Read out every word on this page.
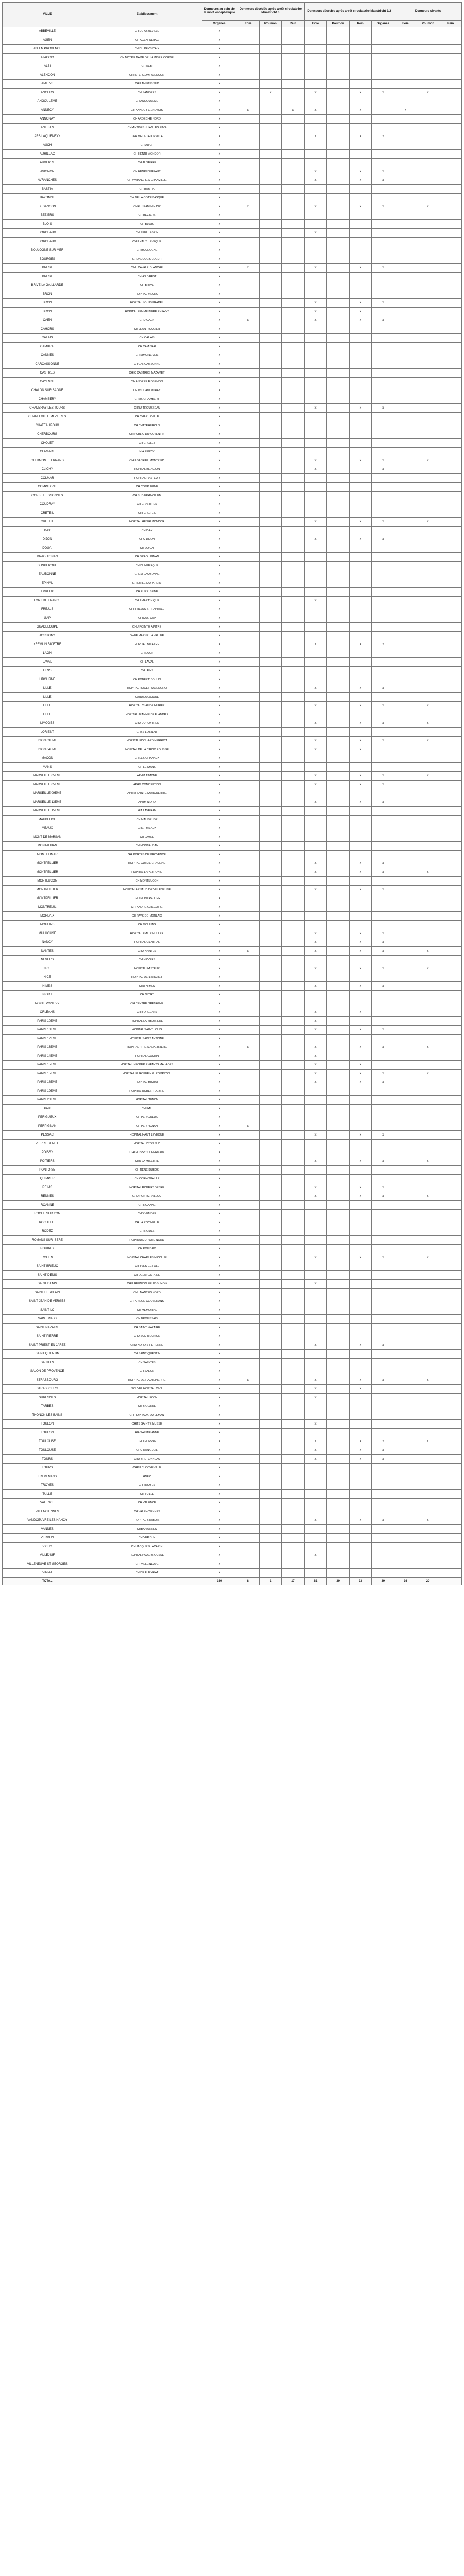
VILLE	Etablissement	Donneurs au sein de la mort encéphalique	Donneurs décédés après arrêt circulatoire Maastricht 3			Donneurs décédés après arrêt circulatoire Maastricht 1/2				Donneurs vivants		
		Organes	Foie	Poumon	Rein	Foie	Poumon	Rein	Organes	Foie	Poumon	Rein
ABBEVILLE	CH DE ABBEVILLE	x										
AGEN	CH AGEN-NERAC	x										
AIX EN PROVENCE	CH DU PAYS D'AIX	x										
AJACCIO	CH NOTRE DAME DE LA MISERICORDE	x										
ALBI	CH ALBI	x										
ALENCON	CH INTERCOM. ALENCON	x										
AMIENS	CHU AMIENS SUD	x										
ANGERS	CHU ANGERS	x		x		x		x	x		x	
ANGOULEME	CH ANGOULEME	x										
ANNECY	CH ANNECY GENEVOIS	x	x		x	x		x		x		
ANNONAY	CH ARDECHE NORD	x										
ANTIBES	CH ANTIBES JUAN LES PINS	x										
ARS LAQUENEXY	CHR METZ-THIONVILLE	x				x		x	x			
AUCH	CH AUCH	x										
AURILLAC	CH HENRI MONDOR	x										
AUXERRE	CH AUXERRE	x										
AVIGNON	CH HENRI DUFFAUT	x				x		x	x			
AVRANCHES	CH AVRANCHES GRANVILLE	x				x		x	x			
BASTIA	CH BASTIA	x										
BAYONNE	CH DE LA COTE BASQUE	x										
BESANCON	CHRU JEAN MINJOZ	x	x			x		x	x		x	
BEZIERS	CH BEZIERS	x										
BLOIS	CH BLOIS	x										
BORDEAUX	CHU PELLEGRIN	x				x						
BORDEAUX	CHU HAUT LEVEQUE	x										
BOULOGNE SUR MER	CH BOULOGNE	x										
BOURGES	CH JACQUES COEUR	x										
BREST	CHU CAVALE BLANCHE	x	x			x		x	x			
BREST	CHIAS BREST	x										
BRIVE LA GAILLARDE	CH BRIVE	x										
BRON	HOPITAL NEURO	x										
BRON	HOPITAL LOUIS PRADEL	x				x		x	x			
BRON	HOPITAL FEMME MERE ENFANT	x				x		x				
CAEN	CHU CAEN	x	x			x		x	x			
CAHORS	CH JEAN ROUGIER	x										
CALAIS	CH CALAIS	x										
CAMBRAI	CH CAMBRAI	x										
CANNES	CH SIMONE VEIL	x										
CARCASSONNE	CH CARCASSONNE	x										
CASTRES	CHIC CASTRES MAZAMET	x										
CAYENNE	CH ANDREE ROSEMON	x										
CHALON SUR SAONE	CH WILLIAM MOREY	x										
CHAMBERY	CHMS CHAMBERY	x										
CHAMBRAY LES TOURS	CHRU TROUSSEAU	x				x		x	x			
CHARLEVILLE MEZIERES	CH CHARLEVILLE	x										
CHATEAUROUX	CH CHATEAUROUX	x										
CHERBOURG	CH PUBLIC DU COTENTIN	x										
CHOLET	CH CHOLET	x										
CLAMART	HIA PERCY	x										
CLERMONT FERRAND	CHU GABRIEL MONTPIED	x				x		x	x		x	
CLICHY	HOPITAL BEAUJON	x				x			x			
COLMAR	HOPITAL PASTEUR	x										
COMPIEGNE	CH COMPIEGNE	x										
CORBEIL ESSONNES	CH SUD FRANCILIEN	x										
COUDRAY	CH CHARTRES	x										
CRETEIL	CHI CRETEIL	x										
CRETEIL	HOPITAL HENRI MONDOR	x				x		x	x		x	
DAX	CH DAX	x										
DIJON	CHU DIJON	x				x		x	x			
DOUAI	CH DOUAI	x										
DRAGUIGNAN	CH DRAGUIGNAN	x										
DUNKERQUE	CH DUNKERQUE	x										
EAUBONNE	GHEM EAUBONNE	x										
EPINAL	CH EMILE DURKHEIM	x										
EVREUX	CH EURE SEINE	x										
FORT DE FRANCE	CHU MARTINIQUE	x				x						
FREJUS	CHI FREJUS ST RAPHAEL	x										
GAP	CHICAS GAP	x										
GUADELOUPE	CHU POINTE A PITRE	x										
JOSSIGNY	GHEF MARNE LA VALLEE	x										
KREMLIN BICETRE	HOPITAL BICETRE	x				x		x	x			
LAON	CH LAON	x										
LAVAL	CH LAVAL	x										
LENS	CH LENS	x										
LIBOURNE	CH ROBERT BOULIN	x										
LILLE	HOPITAL ROGER SALENGRO	x				x		x	x			
LILLE	CARDIOLOGIQUE	x										
LILLE	HOPITAL CLAUDE HURIEZ	x				x		x	x		x	
LILLE	HOPITAL JEANNE DE FLANDRE	x										
LIMOGES	CHU DUPUYTREN	x				x		x	x		x	
LORIENT	GHBS LORIENT	x										
LYON 03EME	HOPITAL EDOUARD HERRIOT	x				x		x	x		x	
LYON 04EME	HOPITAL DE LA CROIX ROUSSE	x				x		x				
MACON	CH LES CHANAUX	x										
MANS	CH LE MANS	x										
MARSEILLE 05EME	APHM TIMONE	x				x		x	x		x	
MARSEILLE 05EME	APHM CONCEPTION	x				x		x	x			
MARSEILLE 09EME	APHM SAINTE MARGUERITE	x										
MARSEILLE 13EME	APHM NORD	x				x		x	x			
MARSEILLE 15EME	HIA LAVERAN	x										
MAUBEUGE	CH MAUBEUGE	x										
MEAUX	GHEF MEAUX	x										
MONT DE MARSAN	CH LAYNE	x										
MONTAUBAN	CH MONTAUBAN	x										
MONTELIMAR	GH PORTES DE PROVENCE	x										
MONTPELLIER	HOPITAL GUI DE CHAULIAC	x				x		x	x			
MONTPELLIER	HOPITAL LAPEYRONIE	x				x		x	x		x	
MONTLUCON	CH MONTLUCON	x										
MONTPELLIER	HOPITAL ARNAUD DE VILLENEUVE	x				x		x	x			
MONTPELLIER	CHU MONTPELLIER	x										
MONTREUIL	CHI ANDRE GREGOIRE	x										
MORLAIX	CH PAYS DE MORLAIX	x										
MOULINS	CH MOULINS	x										
MULHOUSE	HOPITAL EMILE MULLER	x				x		x	x			
NANCY	HOPITAL CENTRAL	x				x		x	x			
NANTES	CHU NANTES	x	x			x		x	x		x	
NEVERS	CH NEVERS	x										
NICE	HOPITAL PASTEUR	x				x		x	x		x	
NICE	HOPITAL DE L'ARCHET	x										
NIMES	CHU NIMES	x				x		x	x			
NIORT	CH NIORT	x										
NOYAL PONTIVY	CH CENTRE BRETAGNE	x										
ORLEANS	CHR ORLEANS	x				x		x				
PARIS 10EME	HOPITAL LARIBOISIERE	x				x						
PARIS 10EME	HOPITAL SAINT LOUIS	x				x		x	x			
PARIS 12EME	HOPITAL SAINT ANTOINE	x										
PARIS 13EME	HOPITAL PITIE SALPETRIERE	x	x			x		x	x		x	
PARIS 14EME	HOPITAL COCHIN	x				x						
PARIS 15EME	HOPITAL NECKER ENFANTS MALADES	x				x		x				
PARIS 15EME	HOPITAL EUROPEEN G. POMPIDOU	x				x		x	x		x	
PARIS 18EME	HOPITAL BICHAT	x				x		x	x			
PARIS 19EME	HOPITAL ROBERT DEBRE	x										
PARIS 20EME	HOPITAL TENON	x										
PAU	CH PAU	x										
PERIGUEUX	CH PERIGUEUX	x										
PERPIGNAN	CH PERPIGNAN	x	x									
PESSAC	HOPITAL HAUT LEVEQUE	x				x		x	x			
PIERRE BENITE	HOPITAL LYON SUD	x										
POISSY	CHI POISSY ST GERMAIN	x										
POITIERS	CHU LA MILETRIE	x				x		x	x		x	
PONTOISE	CH RENE DUBOS	x										
QUIMPER	CH CORNOUAILLE	x										
REIMS	HOPITAL ROBERT DEBRE	x				x		x	x			
RENNES	CHU PONTCHAILLOU	x				x		x	x		x	
ROANNE	CH ROANNE	x										
ROCHE SUR YON	CHD VENDEE	x										
ROCHELLE	CH LA ROCHELLE	x										
RODEZ	CH RODEZ	x										
ROMANS SUR ISERE	HOPITAUX DROME NORD	x										
ROUBAIX	CH ROUBAIX	x										
ROUEN	HOPITAL CHARLES NICOLLE	x				x		x	x		x	
SAINT BRIEUC	CH YVES LE FOLL	x										
SAINT DENIS	CH DELAFONTAINE	x										
SAINT DENIS	CHU REUNION FELIX GUYON	x				x						
SAINT HERBLAIN	CHU NANTES NORD	x										
SAINT JEAN DE VERGES	CH ARIEGE COUSERANS	x										
SAINT LO	CH MEMORIAL	x										
SAINT MALO	CH BROUSSAIS	x										
SAINT NAZAIRE	CH SAINT NAZAIRE	x										
SAINT PIERRE	CHU SUD REUNION	x										
SAINT PRIEST EN JAREZ	CHU NORD ST ETIENNE	x				x		x	x			
SAINT QUENTIN	CH SAINT QUENTIN	x										
SAINTES	CH SAINTES	x										
SALON DE PROVENCE	CH SALON	x										
STRASBOURG	HOPITAL DE HAUTEPIERRE	x	x			x		x	x		x	
STRASBOURG	NOUVEL HOPITAL CIVIL	x				x		x				
SURESNES	HOPITAL FOCH	x				x						
TARBES	CH BIGORRE	x										
THONON LES BAINS	CH HOPITAUX DU LEMAN	x										
TOULON	CHITS SAINTE MUSSE	x				x						
TOULON	HIA SAINTE ANNE	x										
TOULOUSE	CHU PURPAN	x				x		x	x		x	
TOULOUSE	CHU RANGUEIL	x				x		x	x			
TOURS	CHU BRETONNEAU	x				x		x	x			
TOURS	CHRU CLOCHEVILLE	x										
TREVENANS	HNFC	x										
TROYES	CH TROYES	x										
TULLE	CH TULLE	x										
VALENCE	CH VALENCE	x										
VALENCIENNES	CH VALENCIENNES	x										
VANDOEUVRE LES NANCY	HOPITAL BRABOIS	x				x		x	x		x	
VANNES	CHBA VANNES	x										
VERDUN	CH VERDUN	x										
VICHY	CH JACQUES LACARIN	x										
VILLEJUIF	HOPITAL PAUL BROUSSE	x				x						
VILLENEUVE ST GEORGES	CHI VILLENEUVE	x										
VIRIAT	CH DE FLEYRIAT	x										
TOTAL		160	8	1	17	31	39	23	39	16	20	
